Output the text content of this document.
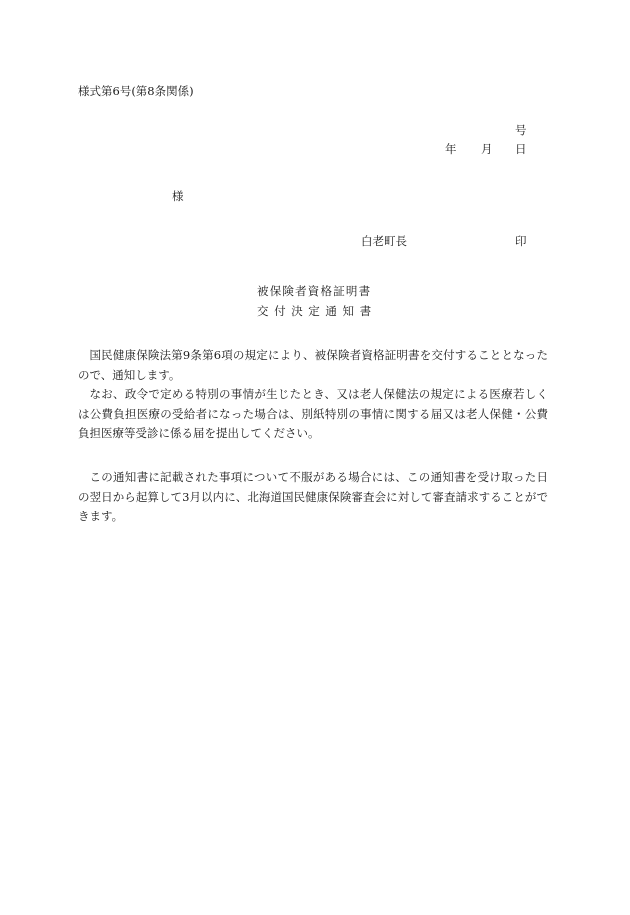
様式第6号(第8条関係)
号
年 月 日
様
白老町長	印
被保険者資格証明書
交付決定通知書

国民健康保険法第9条第6項の規定により、被保険者資格証明書を交付することとなったので、通知します。

なお、政令で定める特別の事情が生じたとき、又は老人保健法の規定による医療若しくは公費負担医療の受給者になった場合は、別紙特別の事情に関する届又は老人保健・公費負担医療等受診に係る届を提出してください。

この通知書に記載された事項について不服がある場合には、この通知書を受け取った日の翌日から起算して3月以内に、北海道国民健康保険審査会に対して審査請求することができます。
